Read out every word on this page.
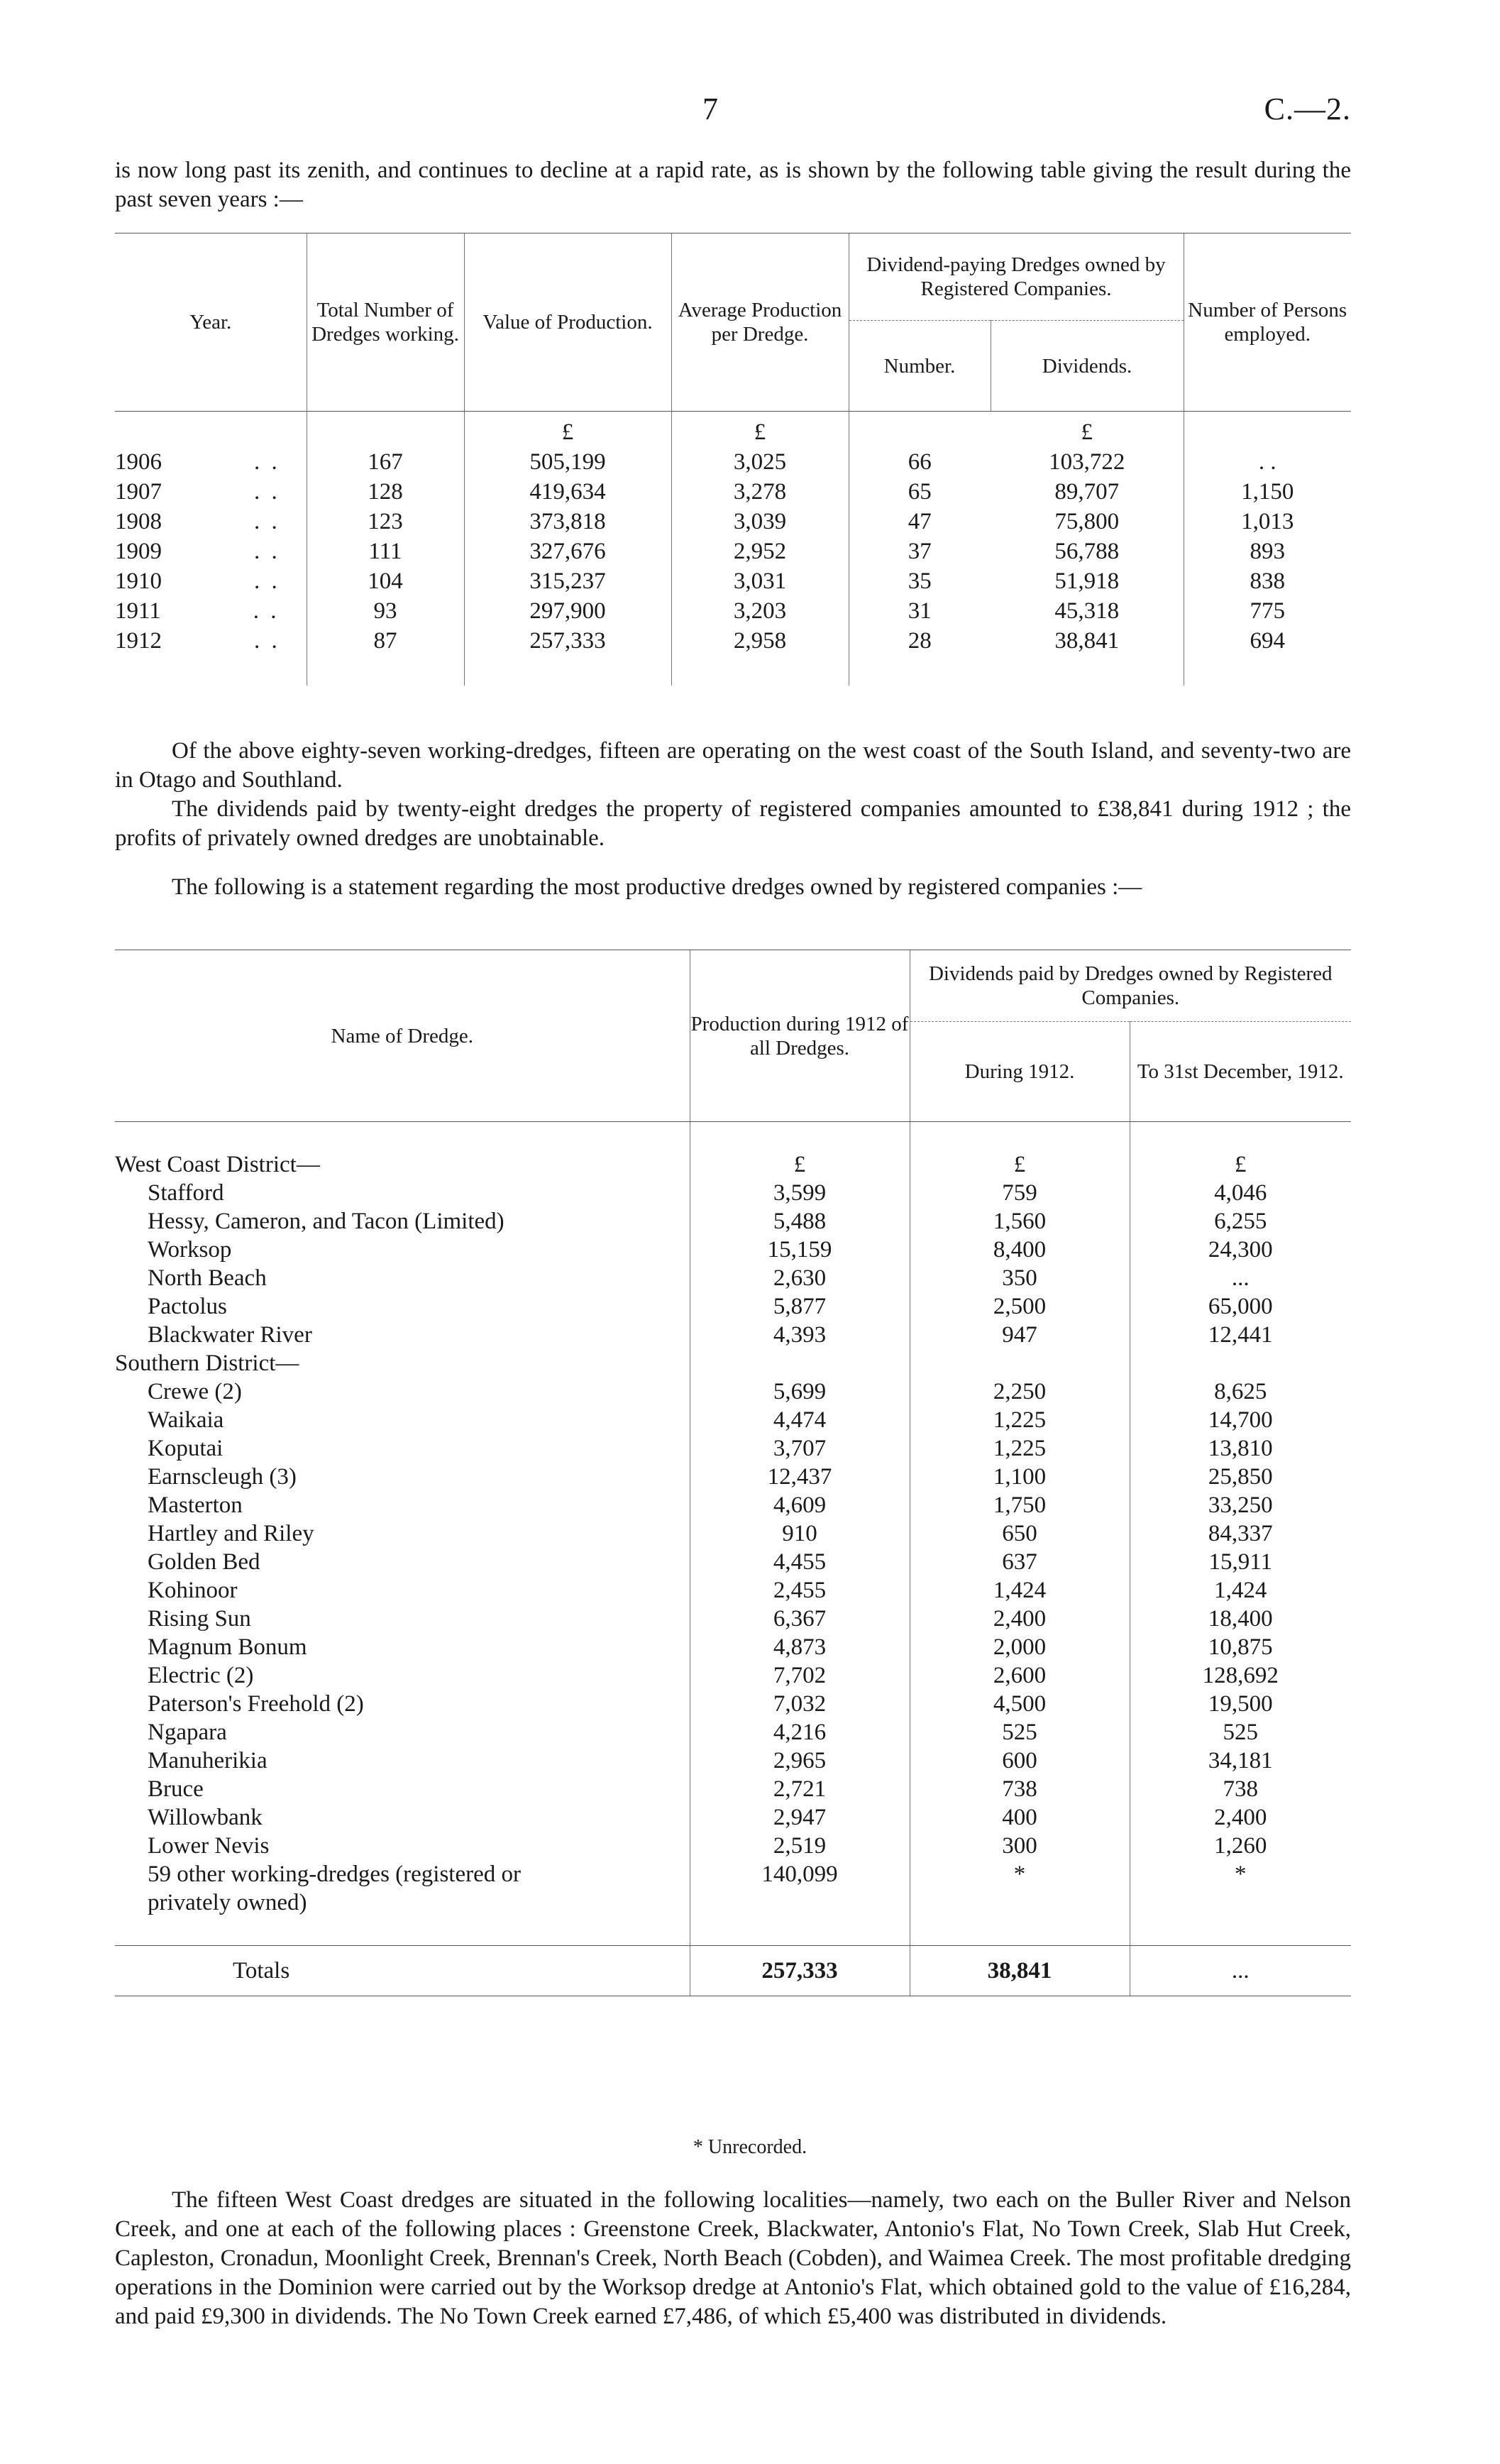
7	C.—2.

is now long past its zenith, and continues to decline at a rapid rate, as is shown by the following table giving the result during the past seven years :—

Year.	Total Number of Dredges working.	Value of Production.	Average Production per Dredge.	Dividend-paying Dredges owned by Registered Companies.		Number of Persons employed.
				Number.	Dividends.	

		£	£		£	
1906 . .	167	505,199	3,025	66	103,722	. .
1907 . .	128	419,634	3,278	65	89,707	1,150
1908 . .	123	373,818	3,039	47	75,800	1,013
1909 . .	111	327,676	2,952	37	56,788	893
1910 . .	104	315,237	3,031	35	51,918	838
1911 . .	93	297,900	3,203	31	45,318	775
1912 . .	87	257,333	2,958	28	38,841	694

Of the above eighty-seven working-dredges, fifteen are operating on the west coast of the South Island, and seventy-two are in Otago and Southland.

The dividends paid by twenty-eight dredges the property of registered companies amounted to £38,841 during 1912 ; the profits of privately owned dredges are unobtainable.

The following is a statement regarding the most productive dredges owned by registered companies :—

Name of Dredge.	Production during 1912 of all Dredges.	Dividends paid by Dredges owned by Registered Companies.	
		During 1912.	To 31st December, 1912.

West Coast District—	£	£	£
Stafford	3,599	759	4,046
Hessy, Cameron, and Tacon (Limited)	5,488	1,560	6,255
Worksop	15,159	8,400	24,300
North Beach	2,630	350	...
Pactolus	5,877	2,500	65,000
Blackwater River	4,393	947	12,441
Southern District—			
Crewe (2)	5,699	2,250	8,625
Waikaia	4,474	1,225	14,700
Koputai	3,707	1,225	13,810
Earnscleugh (3)	12,437	1,100	25,850
Masterton	4,609	1,750	33,250
Hartley and Riley	910	650	84,337
Golden Bed	4,455	637	15,911
Kohinoor	2,455	1,424	1,424
Rising Sun	6,367	2,400	18,400
Magnum Bonum	4,873	2,000	10,875
Electric (2)	7,702	2,600	128,692
Paterson's Freehold (2)	7,032	4,500	19,500
Ngapara	4,216	525	525
Manuherikia	2,965	600	34,181
Bruce	2,721	738	738
Willowbank	2,947	400	2,400
Lower Nevis	2,519	300	1,260
59 other working-dredges (registered or	140,099	*	*
privately owned)			

Totals	257,333	38,841	...
* Unrecorded.

The fifteen West Coast dredges are situated in the following localities—namely, two each on the Buller River and Nelson Creek, and one at each of the following places : Greenstone Creek, Blackwater, Antonio's Flat, No Town Creek, Slab Hut Creek, Capleston, Cronadun, Moonlight Creek, Brennan's Creek, North Beach (Cobden), and Waimea Creek. The most profitable dredging operations in the Dominion were carried out by the Worksop dredge at Antonio's Flat, which obtained gold to the value of £16,284, and paid £9,300 in dividends. The No Town Creek earned £7,486, of which £5,400 was distributed in dividends.
